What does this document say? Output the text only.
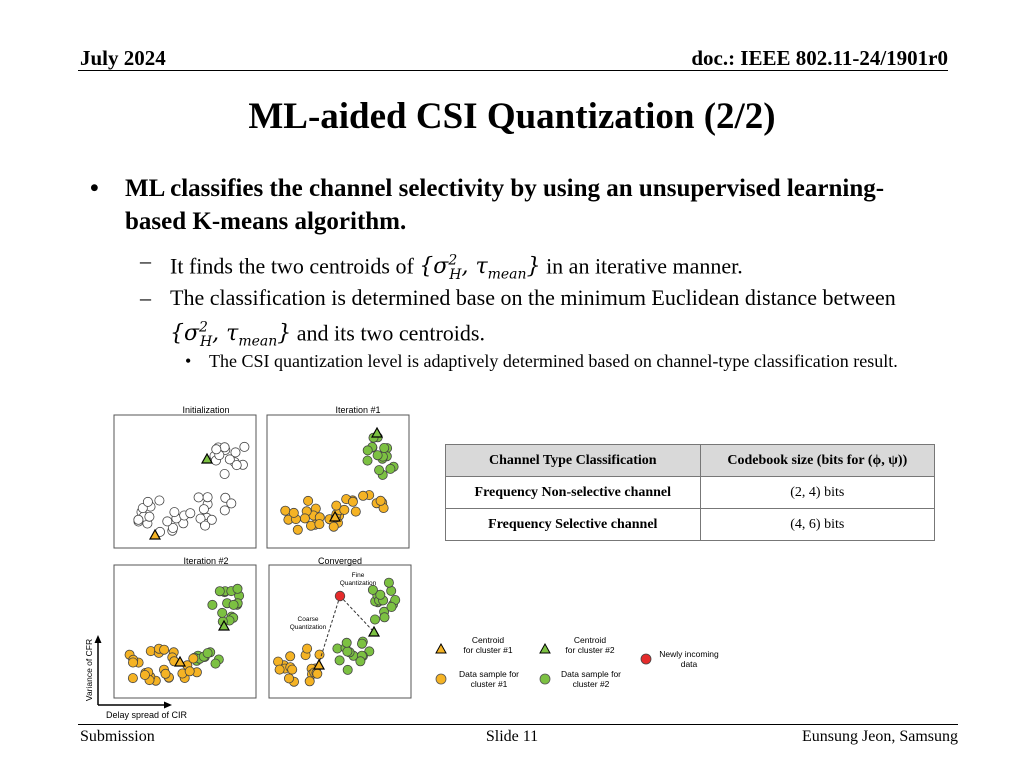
July 2024	doc.: IEEE 802.11-24/1901r0
ML-aided CSI Quantization (2/2)
• ML classifies the channel selectivity by using an unsupervised learning-based K-means algorithm.
– It finds the two centroids of {$\sigma^2_H$, $\tau_{mean}$} in an iterative manner.
– The classification is determined base on the minimum Euclidean distance between {$\sigma^2_H$, $\tau_{mean}$} and its two centroids.
• The CSI quantization level is adaptively determined based on channel-type classification result.
Initialization	Iteration #1
Iteration #2	Converged
Variance of CFR
Delay spread of CIR
Fine Quantization
Coarse Quantization
Centroid for cluster #1
Centroid for cluster #2	Newly incoming data
Data sample for cluster #1
Data sample for cluster #2
Channel Type Classification	Codebook size (bits for (ϕ, ψ))
Frequency Non-selective channel	(2, 4) bits
Frequency Selective channel	(4, 6) bits
Submission	Slide 11	Eunsung Jeon, Samsung
